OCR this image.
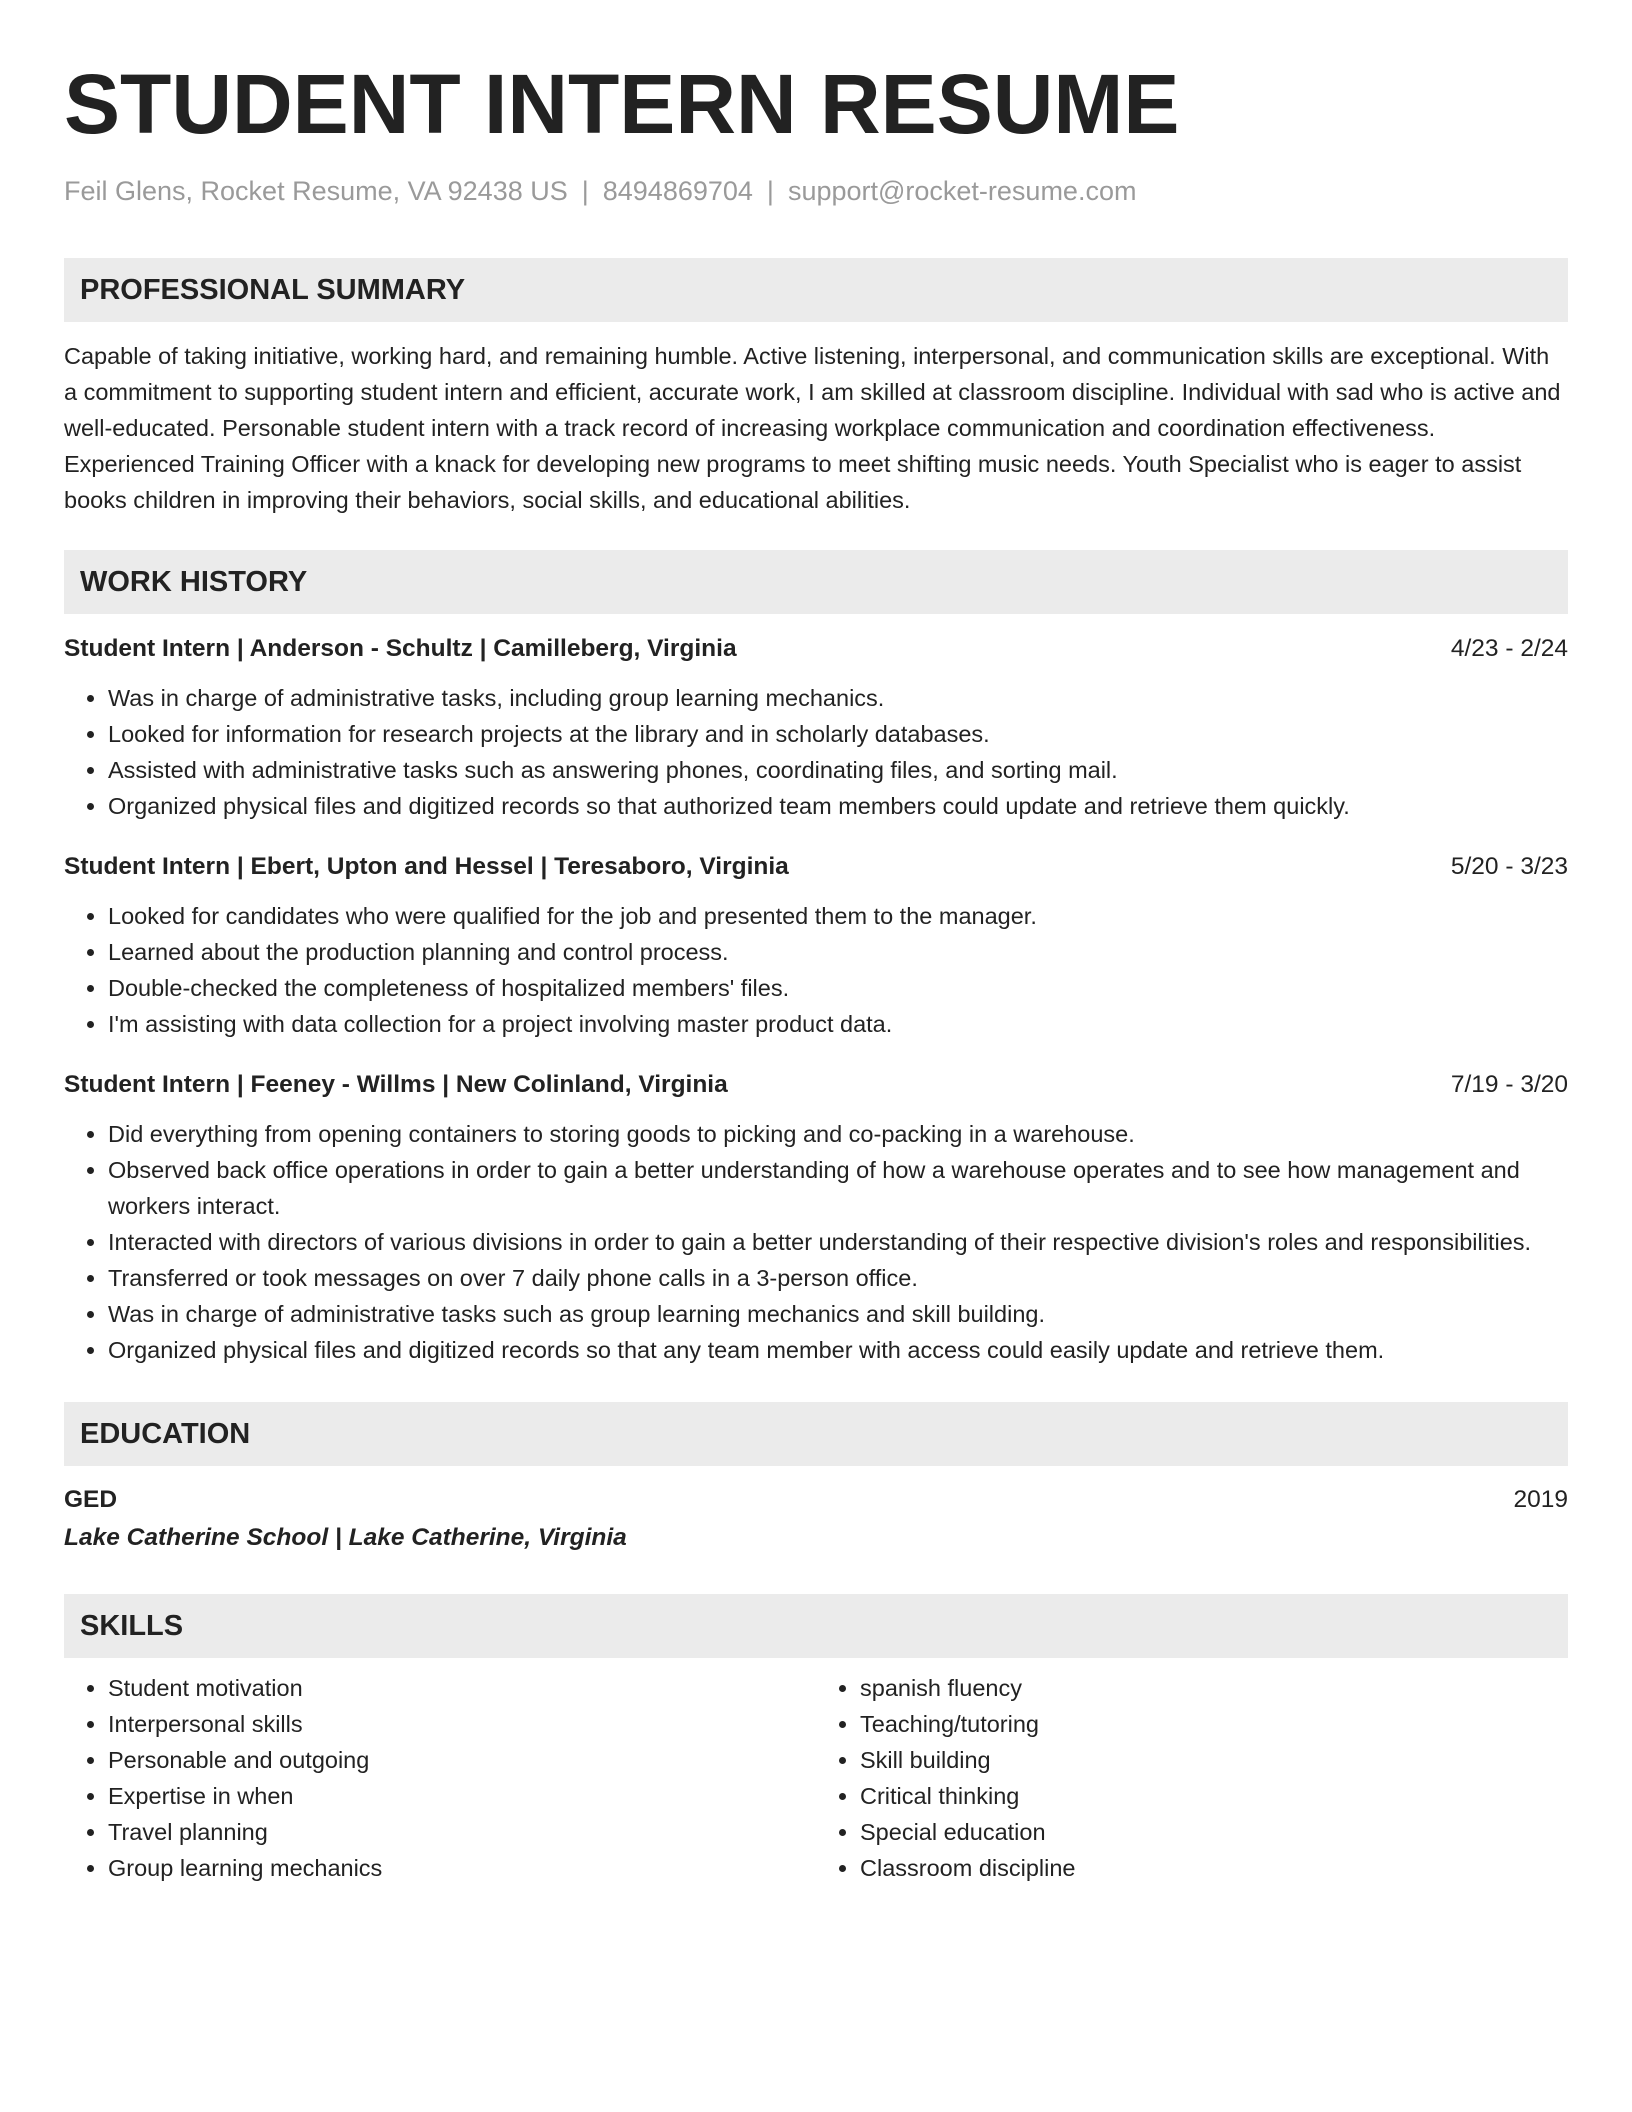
STUDENT INTERN RESUME
Feil Glens, Rocket Resume, VA 92438 US | 8494869704 | support@rocket-resume.com
PROFESSIONAL SUMMARY
Capable of taking initiative, working hard, and remaining humble. Active listening, interpersonal, and communication skills are exceptional. With a commitment to supporting student intern and efficient, accurate work, I am skilled at classroom discipline. Individual with sad who is active and well-educated. Personable student intern with a track record of increasing workplace communication and coordination effectiveness. Experienced Training Officer with a knack for developing new programs to meet shifting music needs. Youth Specialist who is eager to assist books children in improving their behaviors, social skills, and educational abilities.
WORK HISTORY
Student Intern | Anderson - Schultz | Camilleberg, Virginia	4/23 - 2/24
• Was in charge of administrative tasks, including group learning mechanics.
• Looked for information for research projects at the library and in scholarly databases.
• Assisted with administrative tasks such as answering phones, coordinating files, and sorting mail.
• Organized physical files and digitized records so that authorized team members could update and retrieve them quickly.
Student Intern | Ebert, Upton and Hessel | Teresaboro, Virginia	5/20 - 3/23
• Looked for candidates who were qualified for the job and presented them to the manager.
• Learned about the production planning and control process.
• Double-checked the completeness of hospitalized members' files.
• I'm assisting with data collection for a project involving master product data.
Student Intern | Feeney - Willms | New Colinland, Virginia	7/19 - 3/20
• Did everything from opening containers to storing goods to picking and co-packing in a warehouse.
• Observed back office operations in order to gain a better understanding of how a warehouse operates and to see how management and workers interact.
• Interacted with directors of various divisions in order to gain a better understanding of their respective division's roles and responsibilities.
• Transferred or took messages on over 7 daily phone calls in a 3-person office.
• Was in charge of administrative tasks such as group learning mechanics and skill building.
• Organized physical files and digitized records so that any team member with access could easily update and retrieve them.
EDUCATION
GED	2019
Lake Catherine School | Lake Catherine, Virginia
SKILLS
• Student motivation
• Interpersonal skills
• Personable and outgoing
• Expertise in when
• Travel planning
• Group learning mechanics
• spanish fluency
• Teaching/tutoring
• Skill building
• Critical thinking
• Special education
• Classroom discipline
